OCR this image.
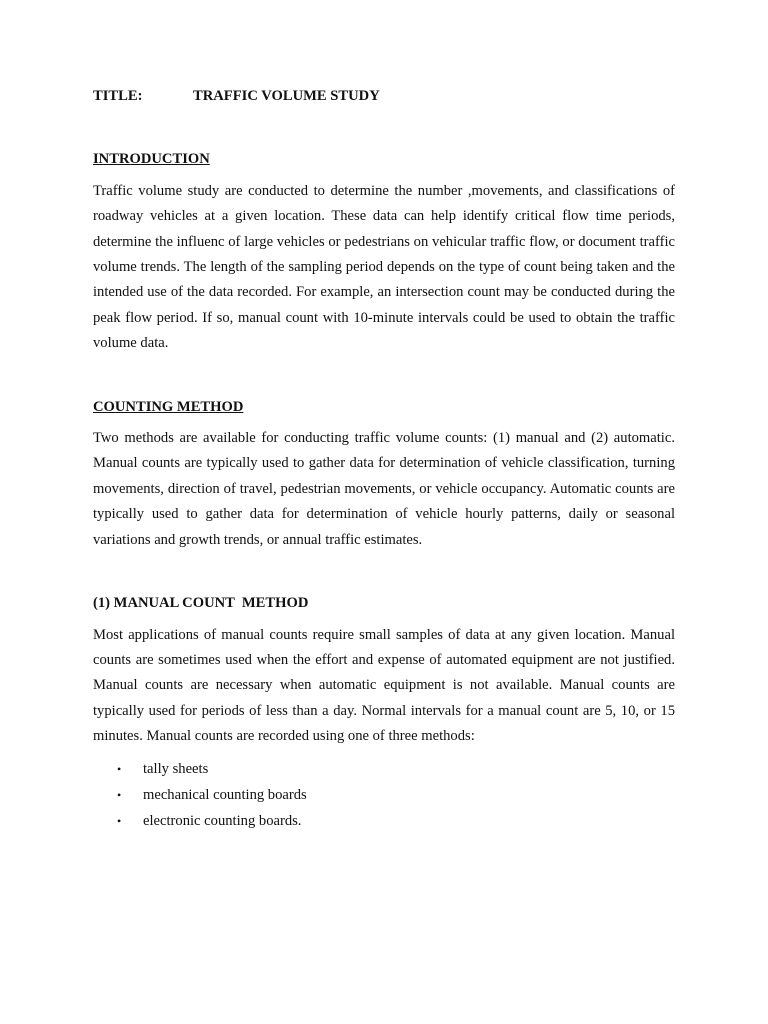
TITLE:	TRAFFIC VOLUME STUDY

INTRODUCTION

Traffic volume study are conducted to determine the number ,movements, and classifications of roadway vehicles at a given location. These data can help identify critical flow time periods, determine the influenc of large vehicles or pedestrians on vehicular traffic flow, or document traffic volume trends. The length of the sampling period depends on the type of count being taken and the intended use of the data recorded. For example, an intersection count may be conducted during the peak flow period. If so, manual count with 10-minute intervals could be used to obtain the traffic volume data.

COUNTING METHOD

Two methods are available for conducting traffic volume counts: (1) manual and (2) automatic. Manual counts are typically used to gather data for determination of vehicle classification, turning movements, direction of travel, pedestrian movements, or vehicle occupancy. Automatic counts are typically used to gather data for determination of vehicle hourly patterns, daily or seasonal variations and growth trends, or annual traffic estimates.

(1) MANUAL COUNT  METHOD

Most applications of manual counts require small samples of data at any given location. Manual counts are sometimes used when the effort and expense of automated equipment are not justified. Manual counts are necessary when automatic equipment is not available. Manual counts are typically used for periods of less than a day. Normal intervals for a manual count are 5, 10, or 15 minutes. Manual counts are recorded using one of three methods:

• tally sheets
• mechanical counting boards
• electronic counting boards.
